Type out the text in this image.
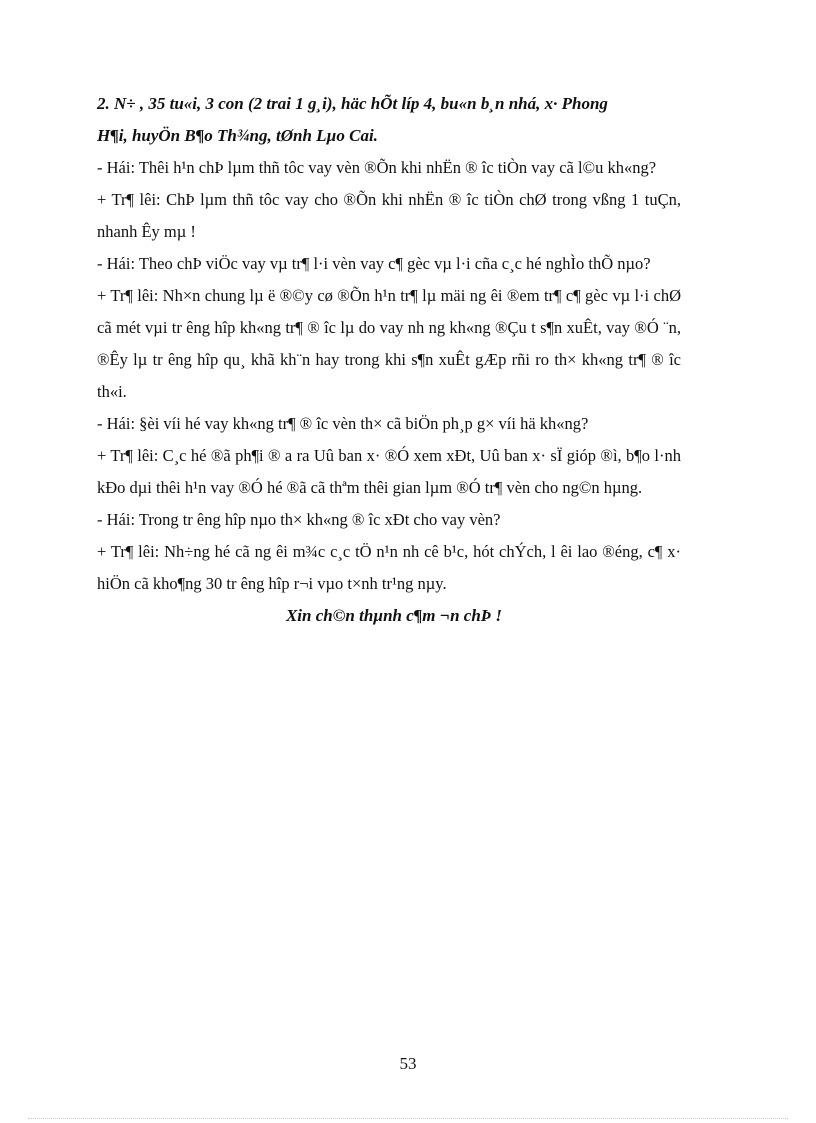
2. N÷ , 35 tu«i, 3 con (2 trai 1 g¸i), häc hÕt líp 4, bu«n b¸n nhá, x· Phong
H¶i, huyÖn B¶o Th¾ng, tØnh Lµo Cai.

- Hái: Thêi h¹n chÞ lµm thñ tôc vay vèn ®Õn khi nhËn ® îc tiÒn vay cã l©u kh«ng?

+ Tr¶ lêi: ChÞ lµm thñ tôc vay cho ®Õn khi nhËn ® îc tiÒn chØ trong vßng 1 tuÇn, nhanh Êy mµ !

- Hái: Theo chÞ viÖc vay vµ tr¶ l·i vèn vay c¶ gèc vµ l·i cña c¸c hé nghÌo thÕ nµo?

+ Tr¶ lêi: Nh×n chung lµ ë ®©y cø ®Õn h¹n tr¶ lµ mäi ng êi ®em tr¶ c¶ gèc vµ l·i chØ cã mét vµi tr êng hîp kh«ng tr¶ ® îc lµ do vay nh ng kh«ng ®Çu t s¶n xuÊt, vay ®Ó ¨n, ®Êy lµ tr êng hîp qu¸ khã kh¨n hay trong khi s¶n xuÊt gÆp rñi ro th× kh«ng tr¶ ® îc th«i.

- Hái: §èi víi hé vay kh«ng tr¶ ® îc vèn th× cã biÖn ph¸p g× víi hä kh«ng?

+ Tr¶ lêi: C¸c hé ®ã ph¶i ® a ra Uû ban x· ®Ó xem xÐt, Uû ban x· sÏ gióp ®ì, b¶o l·nh kÐo dµi thêi h¹n vay ®Ó hé ®ã cã thªm thêi gian lµm ®Ó tr¶ vèn cho ng©n hµng.

- Hái: Trong tr êng hîp nµo th× kh«ng ® îc xÐt cho vay vèn?

+ Tr¶ lêi: Nh÷ng hé cã ng êi m¾c c¸c tÖ n¹n nh cê b¹c, hót chÝch, l êi lao ®éng, c¶ x· hiÖn cã kho¶ng 30 tr êng hîp r¬i vµo t×nh tr¹ng nµy.

Xin ch©n thµnh c¶m ¬n chÞ !

53
